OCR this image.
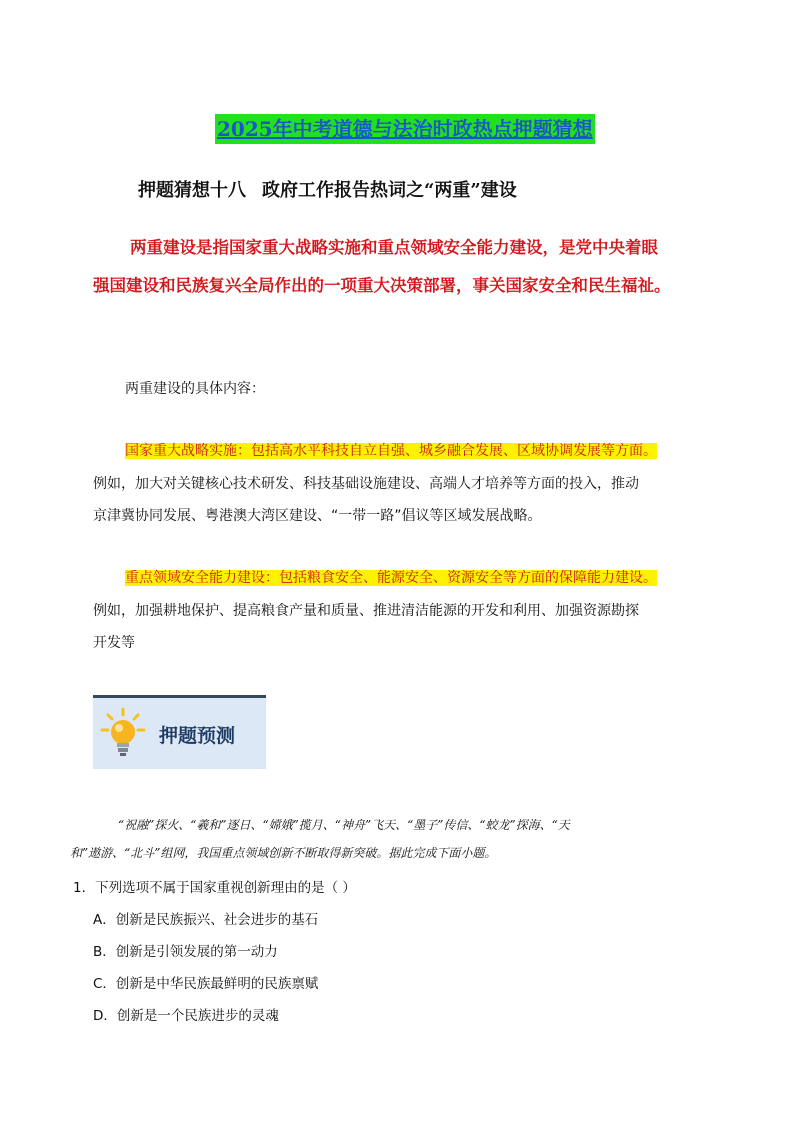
2025年中考道德与法治时政热点押题猜想
押题猜想十八 政府工作报告热词之“两重”建设
两重建设是指国家重大战略实施和重点领域安全能力建设，是党中央着眼
强国建设和民族复兴全局作出的一项重大决策部署，事关国家安全和民生福祉。
两重建设的具体内容：
国家重大战略实施：包括高水平科技自立自强、城乡融合发展、区域协调发展等方面。
例如，加大对关键核心技术研发、科技基础设施建设、高端人才培养等方面的投入，推动
京津冀协同发展、粤港澳大湾区建设、“一带一路”倡议等区域发展战略。
重点领域安全能力建设：包括粮食安全、能源安全、资源安全等方面的保障能力建设。
例如，加强耕地保护、提高粮食产量和质量、推进清洁能源的开发和利用、加强资源勘探
开发等
押题预测
“祝融”探火、“羲和”逐日、“嫦娥”揽月、“神舟”飞天、“墨子”传信、“蛟龙”探海、“天
和”遨游、“北斗”组网，我国重点领域创新不断取得新突破。据此完成下面小题。
1．下列选项不属于国家重视创新理由的是（ ）
A．创新是民族振兴、社会进步的基石
B．创新是引领发展的第一动力
C．创新是中华民族最鲜明的民族禀赋
D．创新是一个民族进步的灵魂
